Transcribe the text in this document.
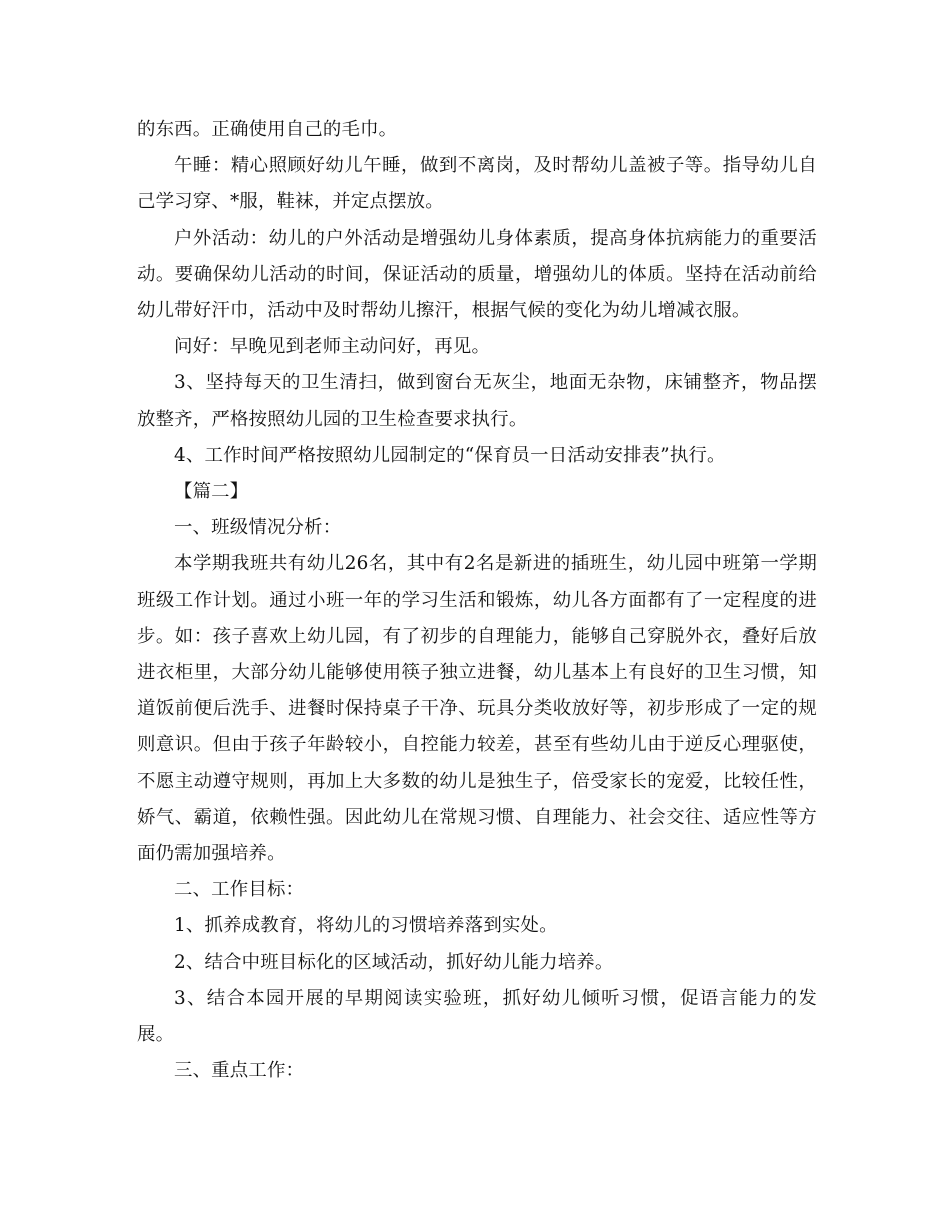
的东西。正确使用自己的毛巾。

午睡：精心照顾好幼儿午睡，做到不离岗，及时帮幼儿盖被子等。指导幼儿自己学习穿、*服，鞋袜，并定点摆放。

户外活动：幼儿的户外活动是增强幼儿身体素质，提高身体抗病能力的重要活动。要确保幼儿活动的时间，保证活动的质量，增强幼儿的体质。坚持在活动前给幼儿带好汗巾，活动中及时帮幼儿擦汗，根据气候的变化为幼儿增减衣服。

问好：早晚见到老师主动问好，再见。

3、坚持每天的卫生清扫，做到窗台无灰尘，地面无杂物，床铺整齐，物品摆放整齐，严格按照幼儿园的卫生检查要求执行。

4、工作时间严格按照幼儿园制定的“保育员一日活动安排表”执行。

【篇二】

一、班级情况分析：

本学期我班共有幼儿26名，其中有2名是新进的插班生，幼儿园中班第一学期班级工作计划。通过小班一年的学习生活和锻炼，幼儿各方面都有了一定程度的进步。如：孩子喜欢上幼儿园，有了初步的自理能力，能够自己穿脱外衣，叠好后放进衣柜里，大部分幼儿能够使用筷子独立进餐，幼儿基本上有良好的卫生习惯，知道饭前便后洗手、进餐时保持桌子干净、玩具分类收放好等，初步形成了一定的规则意识。但由于孩子年龄较小，自控能力较差，甚至有些幼儿由于逆反心理驱使，不愿主动遵守规则，再加上大多数的幼儿是独生子，倍受家长的宠爱，比较任性，娇气、霸道，依赖性强。因此幼儿在常规习惯、自理能力、社会交往、适应性等方面仍需加强培养。

二、工作目标：

1、抓养成教育，将幼儿的习惯培养落到实处。

2、结合中班目标化的区域活动，抓好幼儿能力培养。

3、结合本园开展的早期阅读实验班，抓好幼儿倾听习惯，促语言能力的发展。

三、重点工作：
